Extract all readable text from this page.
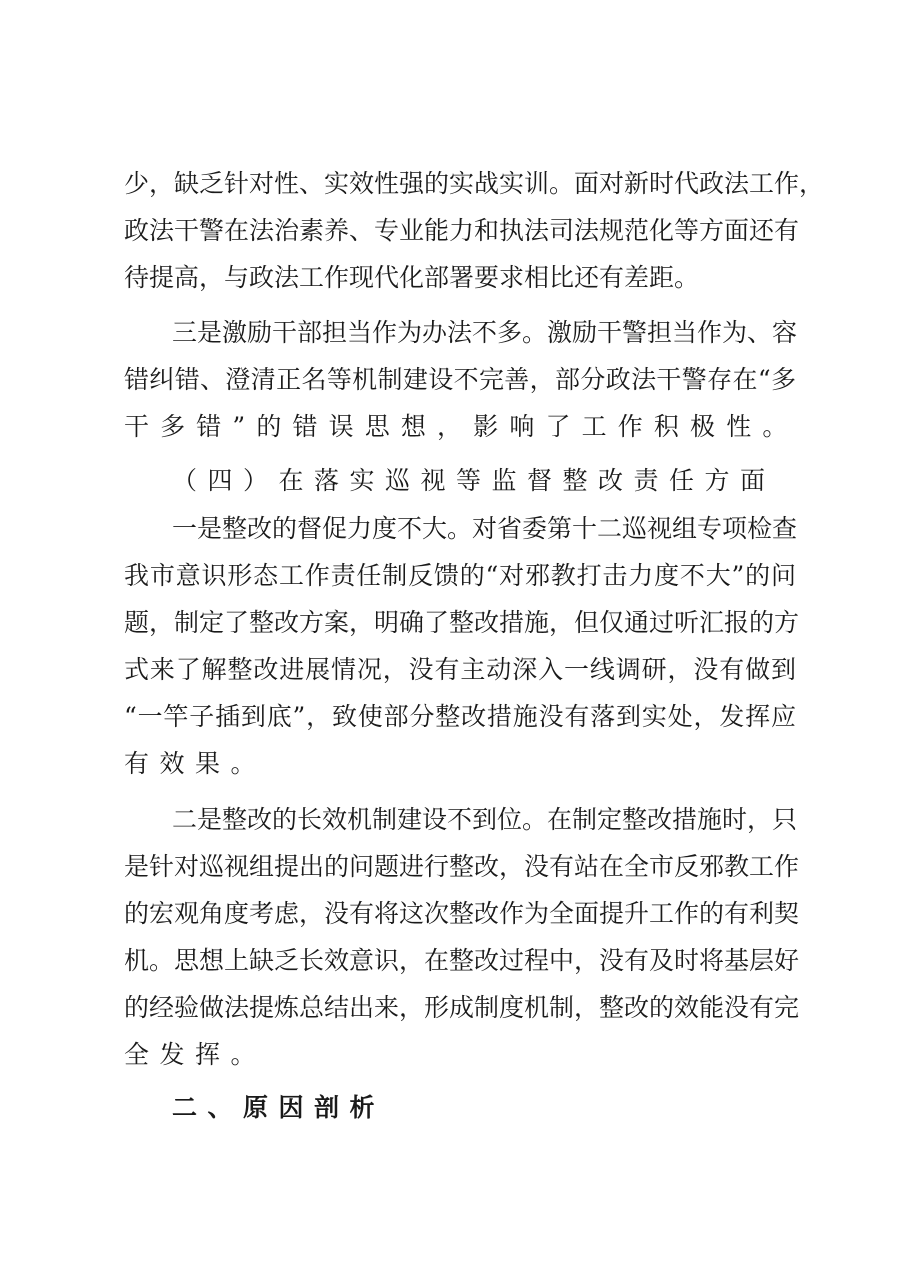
少，缺乏针对性、实效性强的实战实训。面对新时代政法工作，
政法干警在法治素养、专业能力和执法司法规范化等方面还有
待提高，与政法工作现代化部署要求相比还有差距。
三是激励干部担当作为办法不多。激励干警担当作为、容
错纠错、澄清正名等机制建设不完善，部分政法干警存在“多
干多错”的错误思想，影响了工作积极性。
（四）在落实巡视等监督整改责任方面
一是整改的督促力度不大。对省委第十二巡视组专项检查
我市意识形态工作责任制反馈的“对邪教打击力度不大”的问
题，制定了整改方案，明确了整改措施，但仅通过听汇报的方
式来了解整改进展情况，没有主动深入一线调研，没有做到
“一竿子插到底”，致使部分整改措施没有落到实处，发挥应
有效果。
二是整改的长效机制建设不到位。在制定整改措施时，只
是针对巡视组提出的问题进行整改，没有站在全市反邪教工作
的宏观角度考虑，没有将这次整改作为全面提升工作的有利契
机。思想上缺乏长效意识，在整改过程中，没有及时将基层好
的经验做法提炼总结出来，形成制度机制，整改的效能没有完
全发挥。
二、原因剖析
